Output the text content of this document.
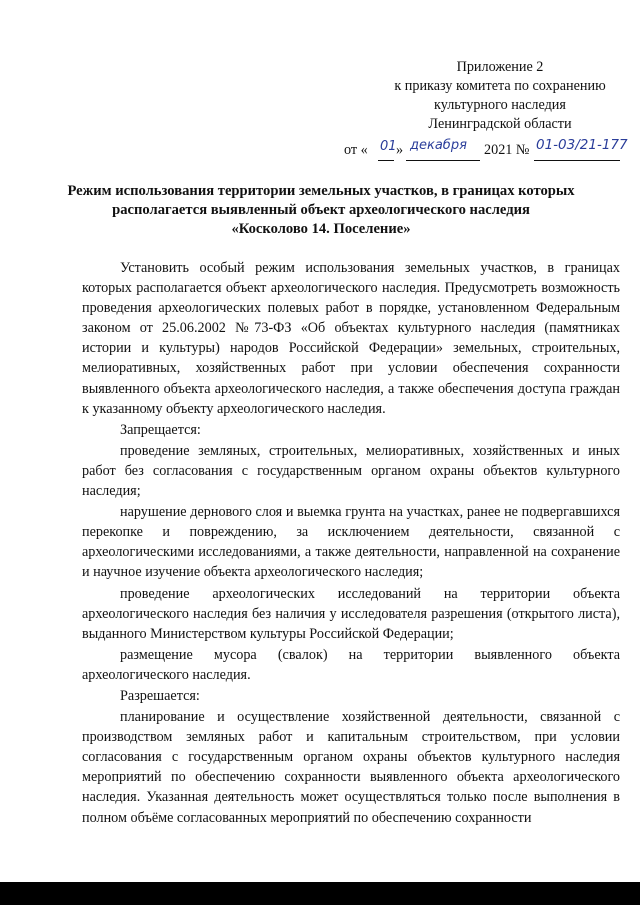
Приложение 2
к приказу комитета по сохранению
культурного наследия
Ленинградской области
от « 01 » декабря 2021 № 01-03/21-177
Режим использования территории земельных участков, в границах которых
располагается выявленный объект археологического наследия
«Косколово 14. Поселение»

Установить особый режим использования земельных участков, в границах которых располагается объект археологического наследия. Предусмотреть возможность проведения археологических полевых работ в порядке, установленном Федеральным законом от 25.06.2002 №73-ФЗ «Об объектах культурного наследия (памятниках истории и культуры) народов Российской Федерации» земельных, строительных, мелиоративных, хозяйственных работ при условии обеспечения сохранности выявленного объекта археологического наследия, а также обеспечения доступа граждан к указанному объекту археологического наследия.

Запрещается:

проведение земляных, строительных, мелиоративных, хозяйственных и иных работ без согласования с государственным органом охраны объектов культурного наследия;

нарушение дернового слоя и выемка грунта на участках, ранее не подвергавшихся перекопке и повреждению, за исключением деятельности, связанной с археологическими исследованиями, а также деятельности, направленной на сохранение и научное изучение объекта археологического наследия;

проведение археологических исследований на территории объекта археологического наследия без наличия у исследователя разрешения (открытого листа), выданного Министерством культуры Российской Федерации;

размещение мусора (свалок) на территории выявленного объекта археологического наследия.

Разрешается:

планирование и осуществление хозяйственной деятельности, связанной с производством земляных работ и капитальным строительством, при условии согласования с государственным органом охраны объектов культурного наследия мероприятий по обеспечению сохранности выявленного объекта археологического наследия. Указанная деятельность может осуществляться только после выполнения в полном объёме согласованных мероприятий по обеспечению сохранности
